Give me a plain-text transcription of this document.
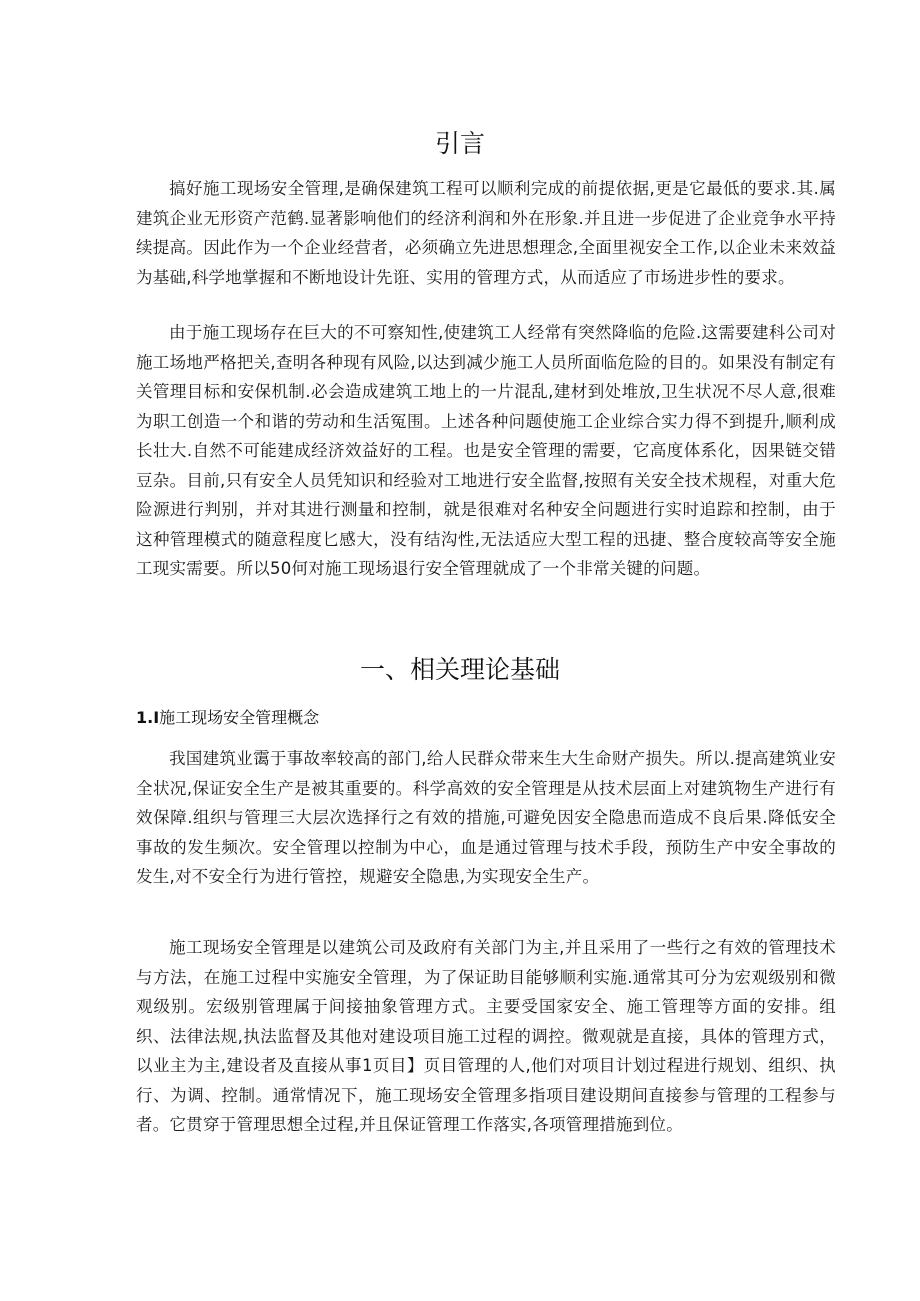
引言

搞好施工现场安全管理,是确保建筑工程可以顺利完成的前提依据,更是它最低的要求.其.属建筑企业无形资产范鹤.显著影响他们的经济利润和外在形象.并且进一步促进了企业竞争水平持续提高。因此作为一个企业经营者，必须确立先进思想理念,全面里视安全工作,以企业未来效益为基础,科学地掌握和不断地设计先诳、实用的管理方式，从而适应了市场进步性的要求。

由于施工现场存在巨大的不可察知性,使建筑工人经常有突然降临的危险.这需要建科公司对施工场地严格把关,查明各种现有风险,以达到减少施工人员所面临危险的目的。如果没有制定有关管理目标和安保机制.必会造成建筑工地上的一片混乱,建材到处堆放,卫生状况不尽人意,很难为职工创造一个和谐的劳动和生活冤围。上述各种问题使施工企业综合实力得不到提升,顺利成长壮大.自然不可能建成经济效益好的工程。也是安全管理的需要，它高度体系化，因果链交错豆杂。目前,只有安全人员凭知识和经验对工地进行安全监督,按照有关安全技术规程，对重大危险源进行判别，并对其进行测量和控制，就是很难对名种安全问题进行实时追踪和控制，由于这种管理模式的随意程度匕感大，没有结沟性,无法适应大型工程的迅捷、整合度较高等安全施工现实需要。所以50何对施工现场退行安全管理就成了一个非常关键的问题。

一、相关理论基础
1.I施工现场安全管理概念

我国建筑业霭于事故率较高的部门,给人民群众带来生大生命财产损失。所以.提高建筑业安全状况,保证安全生产是被其重要的。科学高效的安全管理是从技术层面上对建筑物生产进行有效保障.组织与管理三大层次选择行之有效的措施,可避免因安全隐患而造成不良后果.降低安全事故的发生频次。安全管理以控制为中心，血是通过管理与技术手段，预防生产中安全事故的发生,对不安全行为进行管控，规避安全隐患,为实现安全生产。

施工现场安全管理是以建筑公司及政府有关部门为主,并且采用了一些行之有效的管理技术与方法，在施工过程中实施安全管理，为了保证助目能够顺利实施.通常其可分为宏观级别和微观级别。宏级别管理属于间接抽象管理方式。主要受国家安全、施工管理等方面的安排。组织、法律法规,执法监督及其他对建设项目施工过程的调控。微观就是直接，具体的管理方式，以业主为主,建设者及直接从事1页目】页目管理的人,他们对项目计划过程进行规划、组织、执行、为调、控制。通常情况下，施工现场安全管理多指项目建设期间直接参与管理的工程参与者。它贯穿于管理思想全过程,并且保证管理工作落实,各项管理措施到位。
